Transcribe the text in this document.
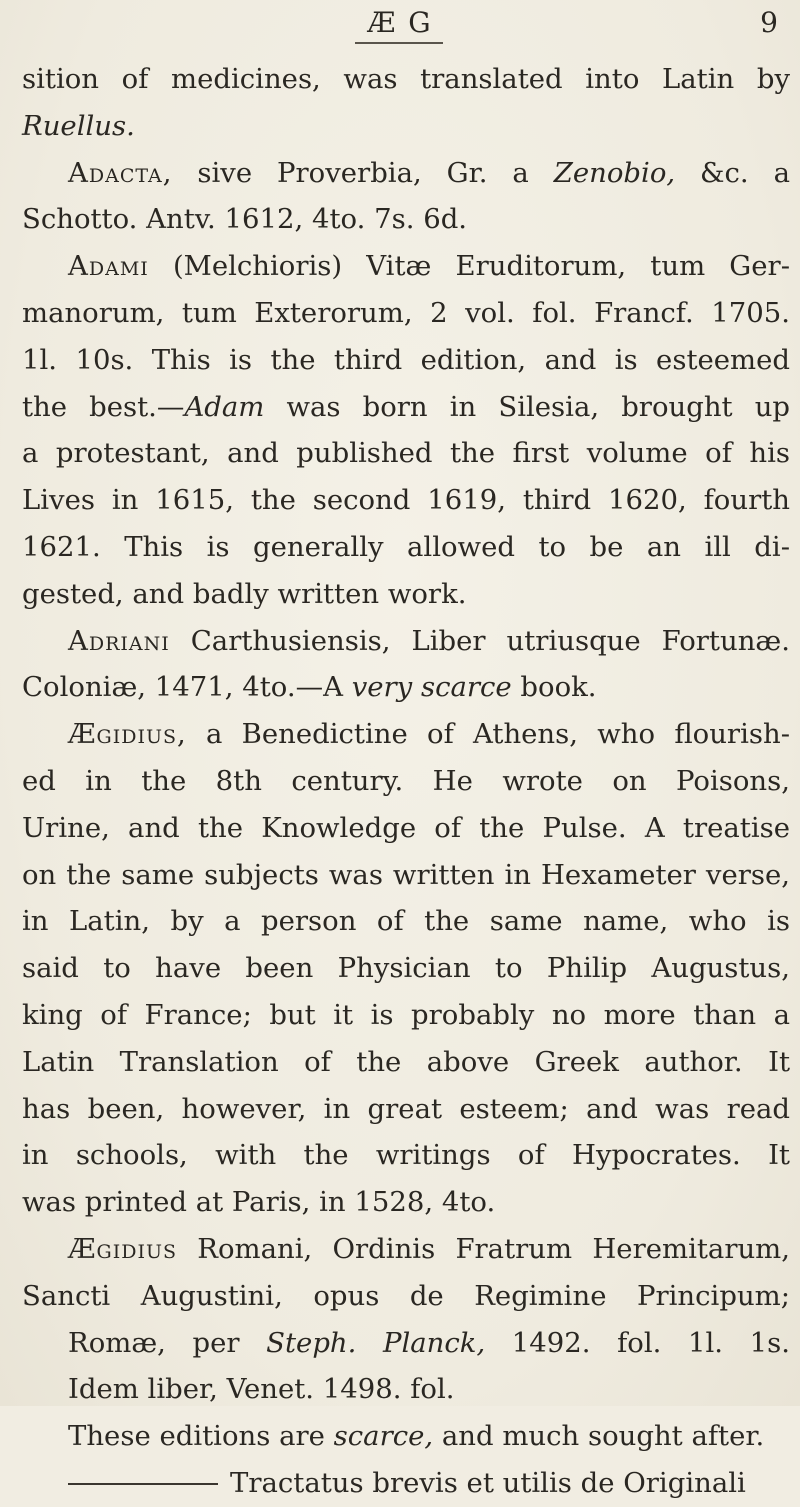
Æ G	9
sition of medicines, was translated into Latin by
Ruellus.
Adacta, sive Proverbia, Gr. a Zenobio, &c. a
Schotto. Antv. 1612, 4to. 7s. 6d.
Adami (Melchioris) Vitæ Eruditorum, tum Ger-
manorum, tum Exterorum, 2 vol. fol. Francf. 1705.
1l. 10s. This is the third edition, and is esteemed
the best.—Adam was born in Silesia, brought up
a protestant, and published the first volume of his
Lives in 1615, the second 1619, third 1620, fourth
1621. This is generally allowed to be an ill di-
gested, and badly written work.
Adriani Carthusiensis, Liber utriusque Fortunæ.
Coloniæ, 1471, 4to.—A very scarce book.
Ægidius, a Benedictine of Athens, who flourish-
ed in the 8th century. He wrote on Poisons,
Urine, and the Knowledge of the Pulse. A treatise
on the same subjects was written in Hexameter verse,
in Latin, by a person of the same name, who is
said to have been Physician to Philip Augustus,
king of France; but it is probably no more than a
Latin Translation of the above Greek author. It
has been, however, in great esteem; and was read
in schools, with the writings of Hypocrates. It
was printed at Paris, in 1528, 4to.
Ægidius Romani, Ordinis Fratrum Heremitarum,
Sancti Augustini, opus de Regimine Principum;
Romæ, per Steph. Planck, 1492. fol. 1l. 1s.
Idem liber, Venet. 1498. fol.
These editions are scarce, and much sought after.
Tractatus brevis et utilis de Originali
